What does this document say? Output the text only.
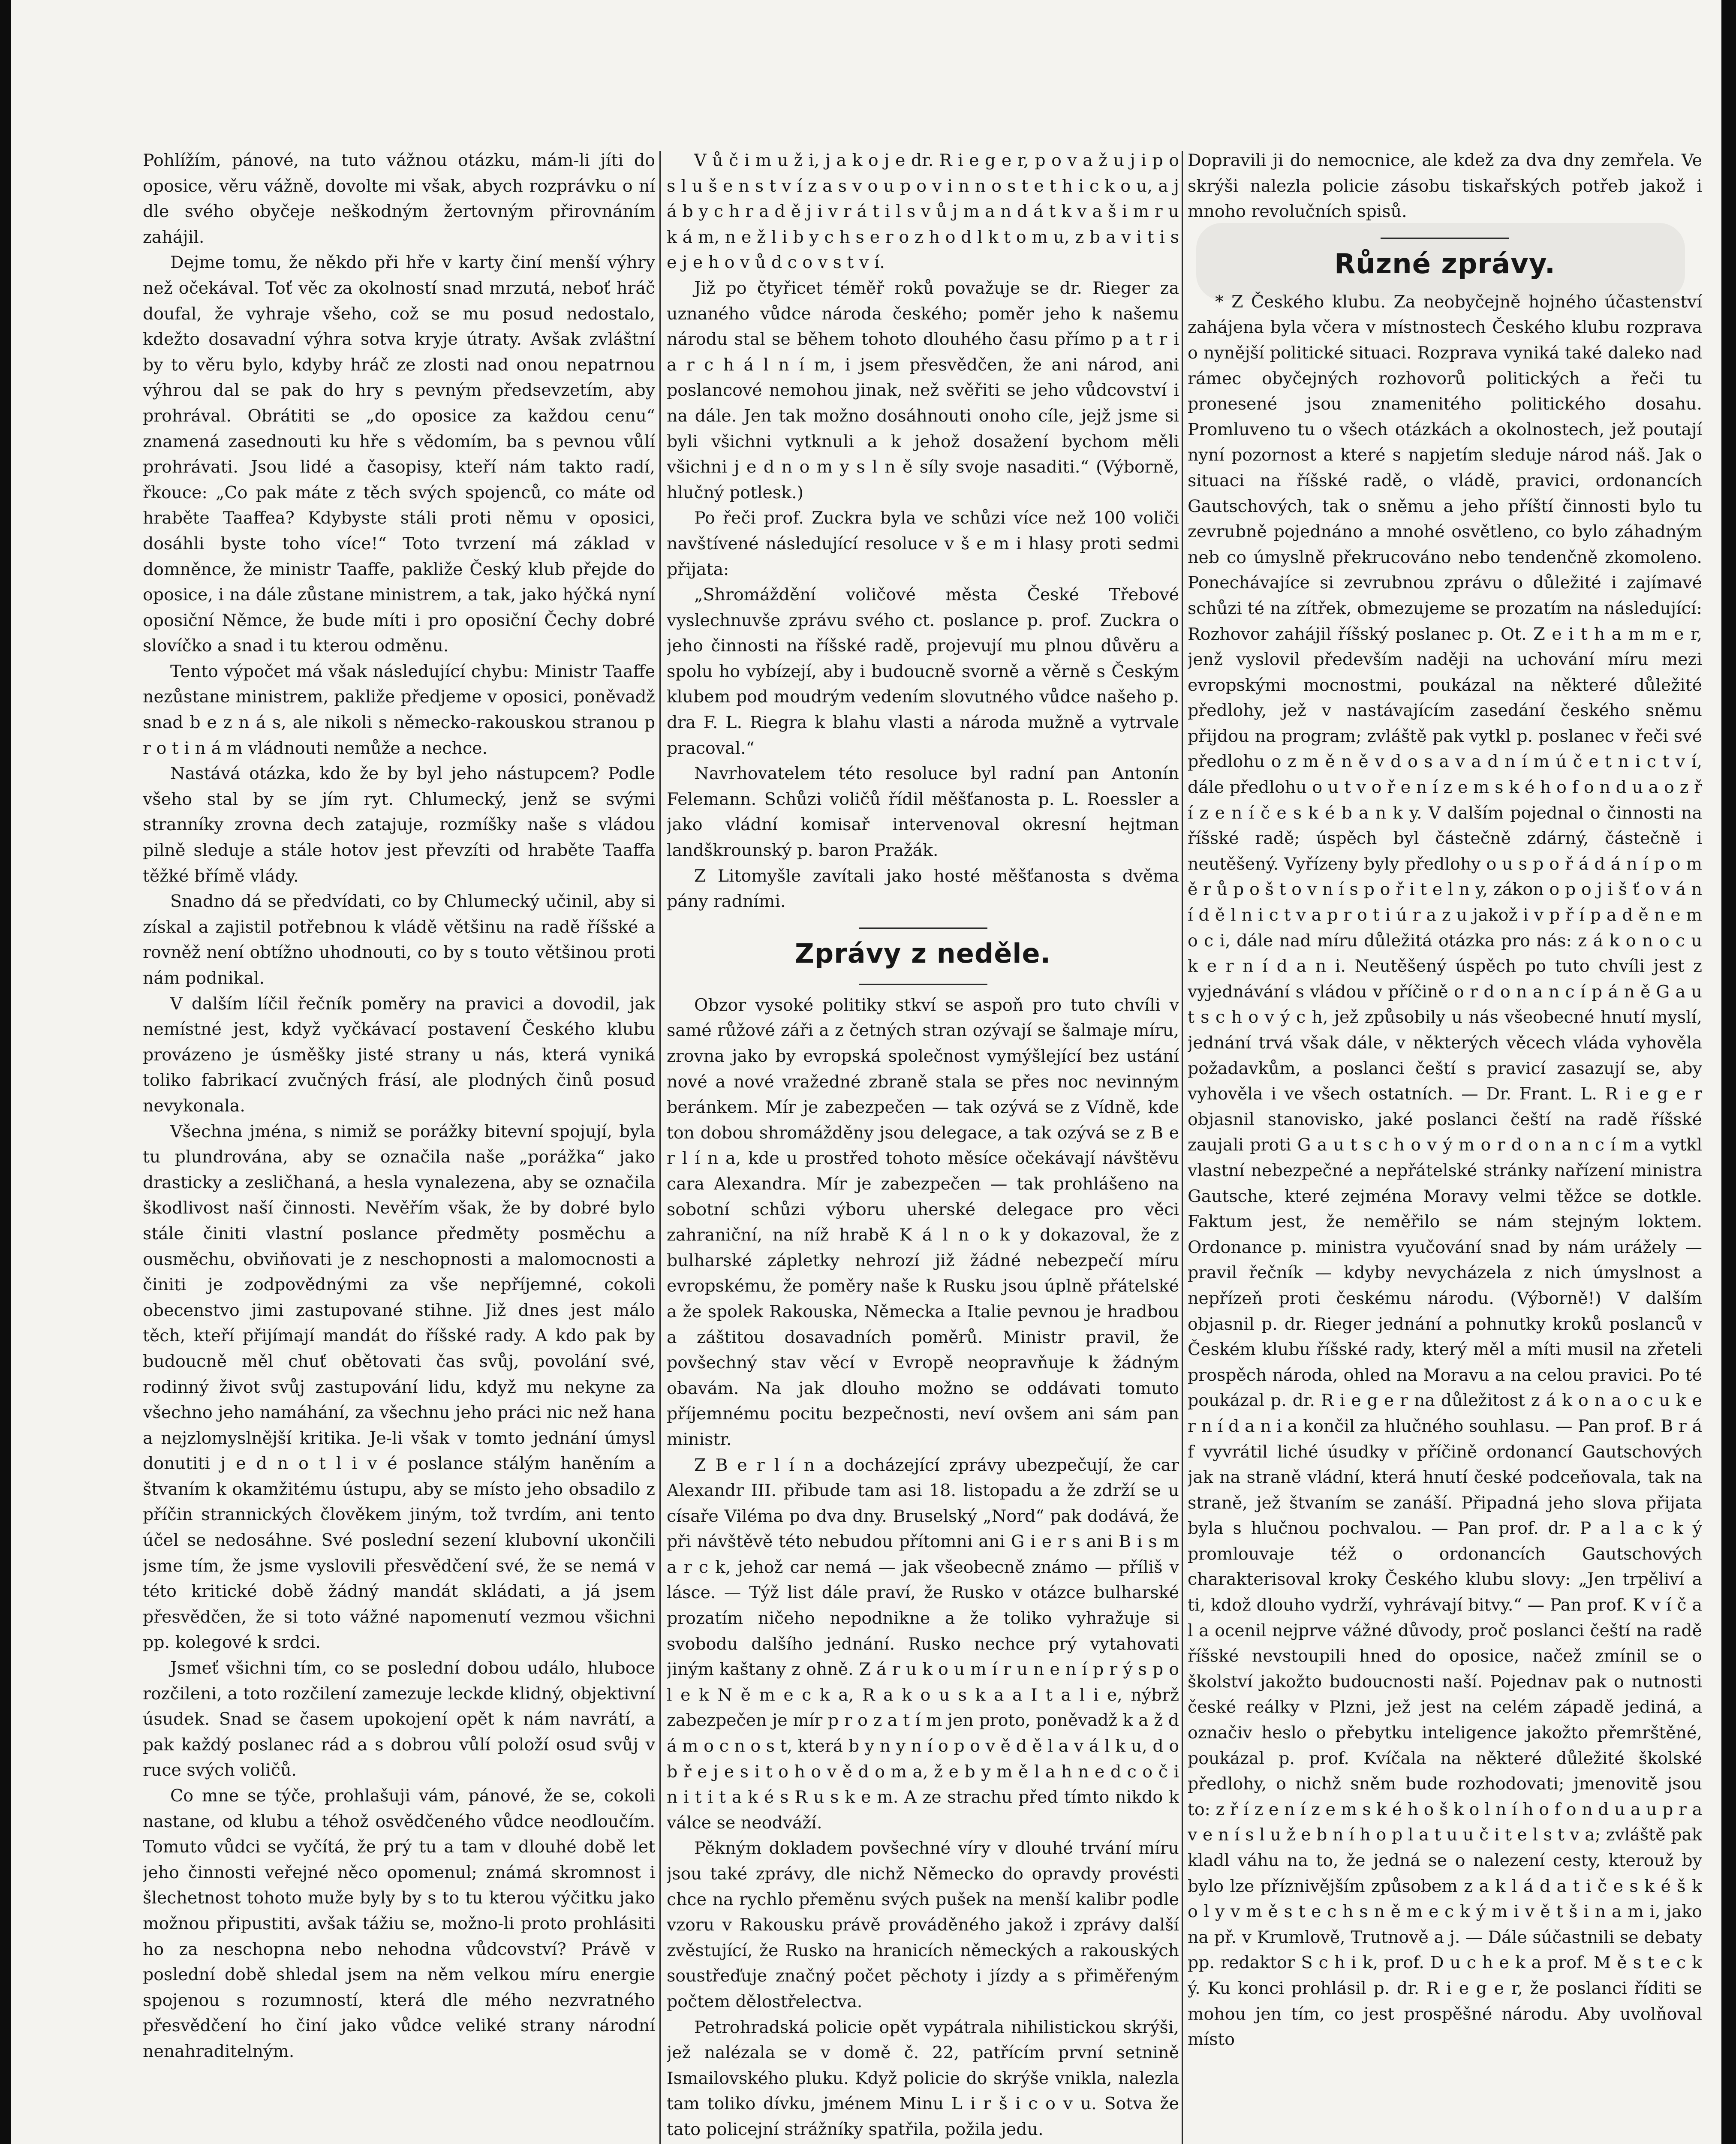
Pohlížím, pánové, na tuto vážnou otázku, mám-li jíti do oposice, věru vážně, dovolte mi však, abych rozprávku o ní dle svého obyčeje neškodným žertovným přirovnáním zahájil.

Dejme tomu, že někdo při hře v karty činí menší výhry než očekával. Toť věc za okolností snad mrzutá, neboť hráč doufal, že vyhraje všeho, což se mu posud nedostalo, kdežto dosavadní výhra sotva kryje útraty. Avšak zvláštní by to věru bylo, kdyby hráč ze zlosti nad onou nepatrnou výhrou dal se pak do hry s pevným předsevzetím, aby prohrával. Obrátiti se „do oposice za každou cenu“ znamená zasednouti ku hře s vědomím, ba s pevnou vůlí prohrávati. Jsou lidé a časopisy, kteří nám takto radí, řkouce: „Co pak máte z těch svých spojenců, co máte od hraběte Taaffea? Kdybyste stáli proti němu v oposici, dosáhli byste toho více!“ Toto tvrzení má základ v domněnce, že ministr Taaffe, pakliže Český klub přejde do oposice, i na dále zůstane ministrem, a tak, jako hýčká nyní oposiční Němce, že bude míti i pro oposiční Čechy dobré slovíčko a snad i tu kterou odměnu.

Tento výpočet má však následující chybu: Ministr Taaffe nezůstane ministrem, pakliže předjeme v oposici, poněvadž snad b e z n á s, ale nikoli s německo-rakouskou stranou p r o t i n á m vládnouti nemůže a nechce.

Nastává otázka, kdo že by byl jeho nástupcem? Podle všeho stal by se jím ryt. Chlumecký, jenž se svými stranníky zrovna dech zatajuje, rozmíšky naše s vládou pilně sleduje a stále hotov jest převzíti od hraběte Taaffa těžké břímě vlády.

Snadno dá se předvídati, co by Chlumecký učinil, aby si získal a zajistil potřebnou k vládě většinu na radě říšské a rovněž není obtížno uhodnouti, co by s touto většinou proti nám podnikal.

V dalším líčil řečník poměry na pravici a dovodil, jak nemístné jest, když vyčkávací postavení Českého klubu provázeno je úsměšky jisté strany u nás, která vyniká toliko fabrikací zvučných frásí, ale plodných činů posud nevykonala.

Všechna jména, s nimiž se porážky bitevní spojují, byla tu plundrována, aby se označila naše „porážka“ jako drasticky a zesličhaná, a hesla vynalezena, aby se označila škodlivost naší činnosti. Nevěřím však, že by dobré bylo stále činiti vlastní poslance předměty posměchu a ousměchu, obviňovati je z neschopnosti a malomocnosti a činiti je zodpovědnými za vše nepříjemné, cokoli obecenstvo jimi zastupované stihne. Již dnes jest málo těch, kteří přijímají mandát do říšské rady. A kdo pak by budoucně měl chuť obětovati čas svůj, povolání své, rodinný život svůj zastupování lidu, když mu nekyne za všechno jeho namáhání, za všechnu jeho práci nic než hana a nejzlomyslnější kritika. Je-li však v tomto jednání úmysl donutiti j e d n o t l i v é poslance stálým haněním a štvaním k okamžitému ústupu, aby se místo jeho obsadilo z příčin strannických člověkem jiným, tož tvrdím, ani tento účel se nedosáhne. Své poslední sezení klubovní ukončili jsme tím, že jsme vyslovili přesvědčení své, že se nemá v této kritické době žádný mandát skládati, a já jsem přesvědčen, že si toto vážné napomenutí vezmou všichni pp. kolegové k srdci.

Jsmeť všichni tím, co se poslední dobou událo, hluboce rozčileni, a toto rozčilení zamezuje leckde klidný, objektivní úsudek. Snad se časem upokojení opět k nám navrátí, a pak každý poslanec rád a s dobrou vůlí položí osud svůj v ruce svých voličů.

Co mne se týče, prohlašuji vám, pánové, že se, cokoli nastane, od klubu a téhož osvědčeného vůdce neodloučím. Tomuto vůdci se vyčítá, že prý tu a tam v dlouhé době let jeho činnosti veřejné něco opomenul; známá skromnost i šlechetnost tohoto muže byly by s to tu kterou výčitku jako možnou připustiti, avšak tážiu se, možno-li proto prohlásiti ho za neschopna nebo nehodna vůdcovství? Právě v poslední době shledal jsem na něm velkou míru energie spojenou s rozumností, která dle mého nezvratného přesvědčení ho činí jako vůdce veliké strany národní nenahraditelným.

V ů č i m u ž i, j a k o j e dr. R i e g e r, p o v a ž u j i p o s l u š e n s t v í z a s v o u p o v i n n o s t e t h i c k o u, a j á b y c h r a d ě j i v r á t i l s v ů j m a n d á t k v a š i m r u k á m, n e ž l i b y c h s e r o z h o d l k t o m u, z b a v i t i s e j e h o v ů d c o v s t v í.

Již po čtyřicet téměř roků považuje se dr. Rieger za uznaného vůdce národa českého; poměr jeho k našemu národu stal se během tohoto dlouhého času přímo p a t r i a r c h á l n í m, i jsem přesvědčen, že ani národ, ani poslancové nemohou jinak, než svěřiti se jeho vůdcovství i na dále. Jen tak možno dosáhnouti onoho cíle, jejž jsme si byli všichni vytknuli a k jehož dosažení bychom měli všichni j e d n o m y s l n ě síly svoje nasaditi.“ (Výborně, hlučný potlesk.)

Po řeči prof. Zuckra byla ve schůzi více než 100 voliči navštívené následující resoluce v š e m i hlasy proti sedmi přijata:

„Shromáždění voličové města České Třebové vyslechnuvše zprávu svého ct. poslance p. prof. Zuckra o jeho činnosti na říšské radě, projevují mu plnou důvěru a spolu ho vybízejí, aby i budoucně svorně a věrně s Českým klubem pod moudrým vedením slovutného vůdce našeho p. dra F. L. Riegra k blahu vlasti a národa mužně a vytrvale pracoval.“

Navrhovatelem této resoluce byl radní pan Antonín Felemann. Schůzi voličů řídil měšťanosta p. L. Roessler a jako vládní komisař intervenoval okresní hejtman landškrounský p. baron Pražák.

Z Litomyšle zavítali jako hosté měšťanosta s dvěma pány radními.

Zprávy z neděle.

Obzor vysoké politiky stkví se aspoň pro tuto chvíli v samé růžové záři a z četných stran ozývají se šalmaje míru, zrovna jako by evropská společnost vymýšlející bez ustání nové a nové vražedné zbraně stala se přes noc nevinným beránkem. Mír je zabezpečen — tak ozývá se z Vídně, kde ton dobou shromážděny jsou delegace, a tak ozývá se z B e r l í n a, kde u prostřed tohoto měsíce očekávají návštěvu cara Alexandra. Mír je zabezpečen — tak prohlášeno na sobotní schůzi výboru uherské delegace pro věci zahraniční, na níž hrabě K á l n o k y dokazoval, že z bulharské zápletky nehrozí již žádné nebezpečí míru evropskému, že poměry naše k Rusku jsou úplně přátelské a že spolek Rakouska, Německa a Italie pevnou je hradbou a záštitou dosavadních poměrů. Ministr pravil, že povšechný stav věcí v Evropě neopravňuje k žádným obavám. Na jak dlouho možno se oddávati tomuto příjemnému pocitu bezpečnosti, neví ovšem ani sám pan ministr.

Z B e r l í n a docházející zprávy ubezpečují, že car Alexandr III. přibude tam asi 18. listopadu a že zdrží se u císaře Viléma po dva dny. Bruselský „Nord“ pak dodává, že při návštěvě této nebudou přítomni ani G i e r s ani B i s m a r c k, jehož car nemá — jak všeobecně známo — příliš v lásce. — Týž list dále praví, že Rusko v otázce bulharské prozatím ničeho nepodnikne a že toliko vyhražuje si svobodu dalšího jednání. Rusko nechce prý vytahovati jiným kaštany z ohně. Z á r u k o u m í r u n e n í p r ý s p o l e k N ě m e c k a, R a k o u s k a a I t a l i e, nýbrž zabezpečen je mír p r o z a t í m jen proto, poněvadž k a ž d á m o c n o s t, která b y n y n í o p o v ě d ě l a v á l k u, d o b ř e j e s i t o h o v ě d o m a, ž e b y m ě l a h n e d c o č i n i t i t a k é s R u s k e m. A ze strachu před tímto nikdo k válce se neodváží.

Pěkným dokladem povšechné víry v dlouhé trvání míru jsou také zprávy, dle nichž Německo do opravdy provésti chce na rychlo přeměnu svých pušek na menší kalibr podle vzoru v Rakousku právě prováděného jakož i zprávy další zvěstující, že Rusko na hranicích německých a rakouských soustřeďuje značný počet pěchoty i jízdy a s přiměřeným počtem dělostřelectva.

Petrohradská policie opět vypátrala nihilistickou skrýši, jež nalézala se v domě č. 22, patřícím první setnině Ismailovského pluku. Když policie do skrýše vnikla, nalezla tam toliko dívku, jménem Minu L i r š i c o v u. Sotva že tato policejní strážníky spatřila, požila jedu.

Dopravili ji do nemocnice, ale kdež za dva dny zemřela. Ve skrýši nalezla policie zásobu tiskařských potřeb jakož i mnoho revolučních spisů.

Různé zprávy.

* Z Českého klubu. Za neobyčejně hojného účastenství zahájena byla včera v místnostech Českého klubu rozprava o nynější politické situaci. Rozprava vyniká také daleko nad rámec obyčejných rozhovorů politických a řeči tu pronesené jsou znamenitého politického dosahu. Promluveno tu o všech otázkách a okolnostech, jež poutají nyní pozornost a které s napjetím sleduje národ náš. Jak o situaci na říšské radě, o vládě, pravici, ordonancích Gautschových, tak o sněmu a jeho příští činnosti bylo tu zevrubně pojednáno a mnohé osvětleno, co bylo záhadným neb co úmyslně překrucováno nebo tendenčně zkomoleno. Ponechávajíce si zevrubnou zprávu o důležité i zajímavé schůzi té na zítřek, obmezujeme se prozatím na následující: Rozhovor zahájil říšský poslanec p. Ot. Z e i t h a m m e r, jenž vyslovil především naději na uchování míru mezi evropskými mocnostmi, poukázal na některé důležité předlohy, jež v nastávajícím zasedání českého sněmu přijdou na program; zvláště pak vytkl p. poslanec v řeči své předlohu o z m ě n ě v d o s a v a d n í m ú č e t n i c t v í, dále předlohu o u t v o ř e n í z e m s k é h o f o n d u a o z ř í z e n í č e s k é b a n k y. V dalším pojednal o činnosti na říšské radě; úspěch byl částečně zdárný, částečně i neutěšený. Vyřízeny byly předlohy o u s p o ř á d á n í p o m ě r ů p o š t o v n í s p o ř i t e l n y, zákon o p o j i š ť o v á n í d ě l n i c t v a p r o t i ú r a z u jakož i v p ř í p a d ě n e m o c i, dále nad míru důležitá otázka pro nás: z á k o n o c u k e r n í d a n i. Neutěšený úspěch po tuto chvíli jest z vyjednávání s vládou v příčině o r d o n a n c í p á n ě G a u t s c h o v ý c h, jež způsobily u nás všeobecné hnutí myslí, jednání trvá však dále, v některých věcech vláda vyhověla požadavkům, a poslanci čeští s pravicí zasazují se, aby vyhověla i ve všech ostatních. — Dr. Frant. L. R i e g e r objasnil stanovisko, jaké poslanci čeští na radě říšské zaujali proti G a u t s c h o v ý m o r d o n a n c í m a vytkl vlastní nebezpečné a nepřátelské stránky nařízení ministra Gautsche, které zejména Moravy velmi těžce se dotkle. Faktum jest, že neměřilo se nám stejným loktem. Ordonance p. ministra vyučování snad by nám urážely — pravil řečník — kdyby nevycházela z nich úmyslnost a nepřízeň proti českému národu. (Výborně!) V dalším objasnil p. dr. Rieger jednání a pohnutky kroků poslanců v Českém klubu říšské rady, který měl a míti musil na zřeteli prospěch národa, ohled na Moravu a na celou pravici. Po té poukázal p. dr. R i e g e r na důležitost z á k o n a o c u k e r n í d a n i a končil za hlučného souhlasu. — Pan prof. B r á f vyvrátil liché úsudky v příčině ordonancí Gautschových jak na straně vládní, která hnutí české podceňovala, tak na straně, jež štvaním se zanáší. Připadná jeho slova přijata byla s hlučnou pochvalou. — Pan prof. dr. P a l a c k ý promlouvaje též o ordonancích Gautschových charakterisoval kroky Českého klubu slovy: „Jen trpěliví a ti, kdož dlouho vydrží, vyhrávají bitvy.“ — Pan prof. K v í č a l a ocenil nejprve vážné důvody, proč poslanci čeští na radě říšské nevstoupili hned do oposice, načež zmínil se o školství jakožto budoucnosti naší. Pojednav pak o nutnosti české reálky v Plzni, jež jest na celém západě jediná, a označiv heslo o přebytku inteligence jakožto přemrštěné, poukázal p. prof. Kvíčala na některé důležité školské předlohy, o nichž sněm bude rozhodovati; jmenovitě jsou to: z ř í z e n í z e m s k é h o š k o l n í h o f o n d u a u p r a v e n í s l u ž e b n í h o p l a t u u č i t e l s t v a; zvláště pak kladl váhu na to, že jedná se o nalezení cesty, kterouž by bylo lze příznivějším způsobem z a k l á d a t i č e s k é š k o l y v m ě s t e c h s n ě m e c k ý m i v ě t š i n a m i, jako na př. v Krumlově, Trutnově a j. — Dále súčastnili se debaty pp. redaktor S c h i k, prof. D u c h e k a prof. M ě s t e c k ý. Ku konci prohlásil p. dr. R i e g e r, že poslanci říditi se mohou jen tím, co jest prospěšné národu. Aby uvolňoval místo
